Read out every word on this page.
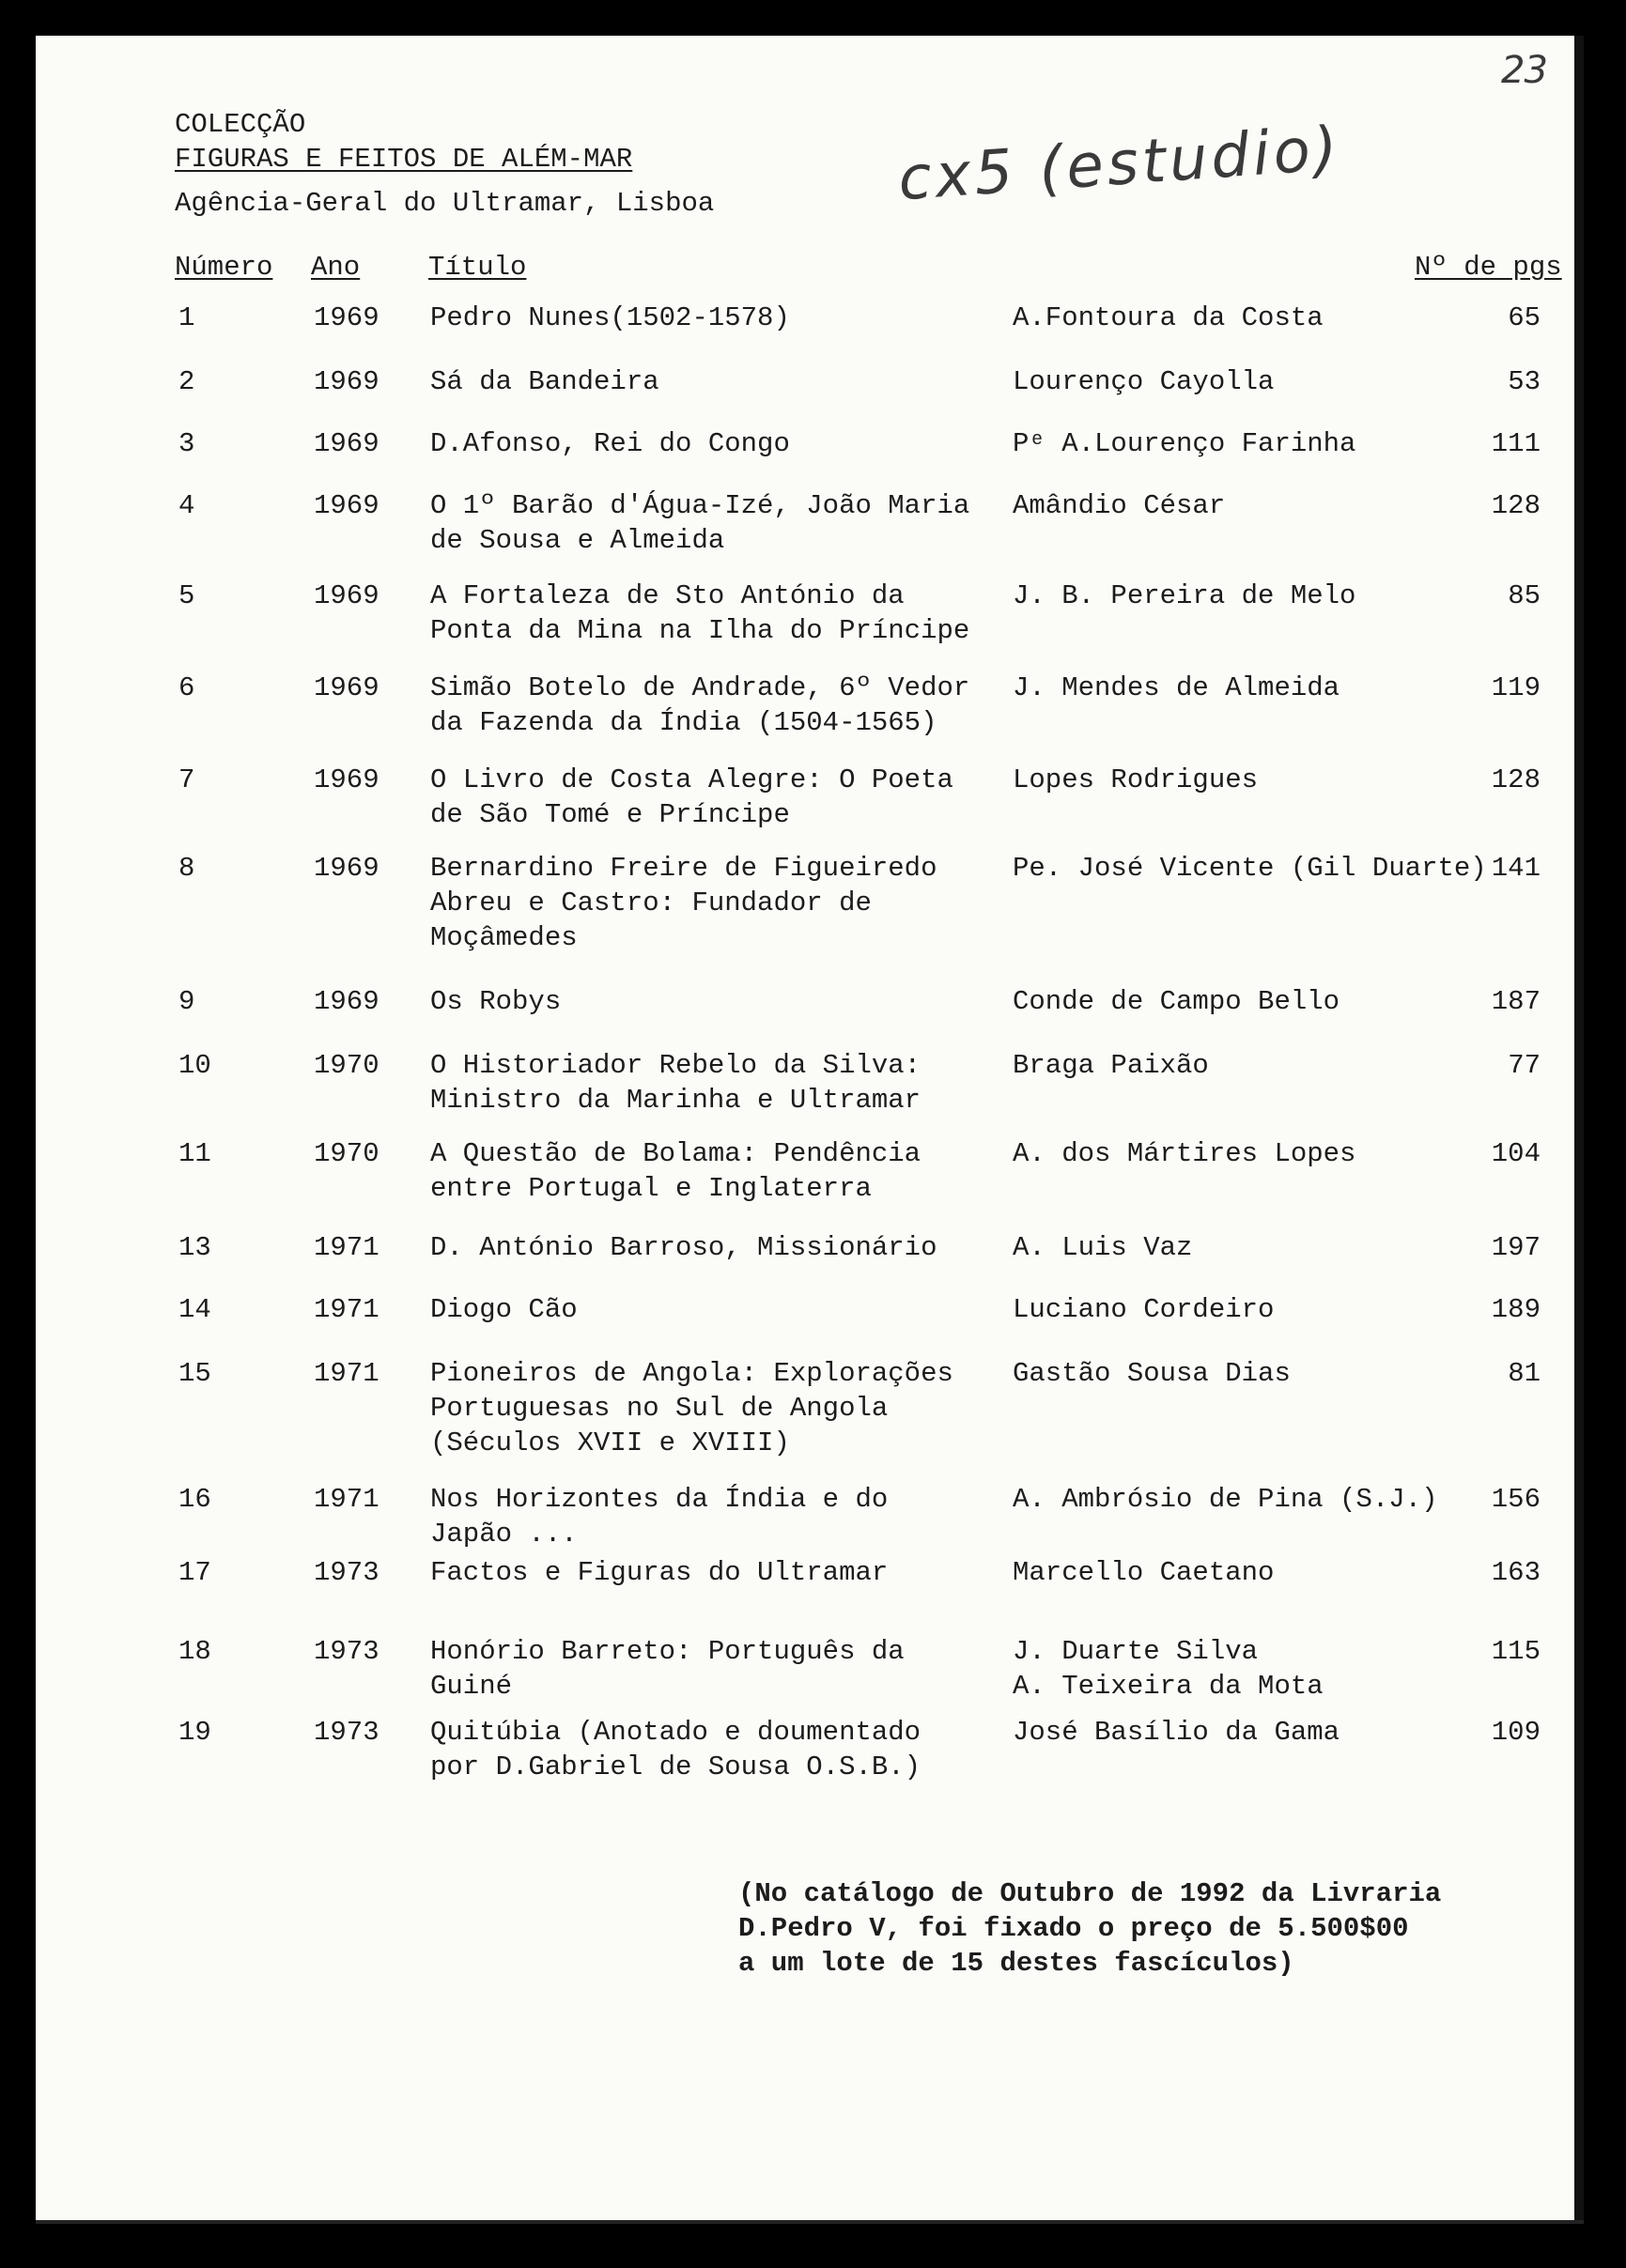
23
cx5 (estudio)
COLECÇÃO
FIGURAS E FEITOS DE ALÉM-MAR
Agência-Geral do Ultramar, Lisboa
Número Ano	Título	Nº de pgs
1	1969 Pedro Nunes(1502-1578)	A.Fontoura da Costa	65
2	1969 Sá da Bandeira	Lourenço Cayolla	53
3	1969 D.Afonso, Rei do Congo	Pᵉ A.Lourenço Farinha	111
4	1969 O 1º Barão d'Água-Izé, João Maria
de Sousa e Almeida
Amândio César	128
5	1969 A Fortaleza de Sto António da
Ponta da Mina na Ilha do Príncipe
J. B. Pereira de Melo	85
6	1969 Simão Botelo de Andrade, 6º Vedor
da Fazenda da Índia (1504-1565)
J. Mendes de Almeida	119
7	1969 O Livro de Costa Alegre: O Poeta
de São Tomé e Príncipe
Lopes Rodrigues	128
8	1969 Bernardino Freire de Figueiredo
Abreu e Castro: Fundador de
Moçâmedes
Pe. José Vicente (Gil Duarte) 141
9	1969 Os Robys	Conde de Campo Bello	187
10	1970 O Historiador Rebelo da Silva:
Ministro da Marinha e Ultramar
Braga Paixão	77
11	1970 A Questão de Bolama: Pendência
entre Portugal e Inglaterra
A. dos Mártires Lopes	104
13	1971 D. António Barroso, Missionário	A. Luis Vaz	197
14	1971 Diogo Cão	Luciano Cordeiro	189
15	1971 Pioneiros de Angola: Explorações
Portuguesas no Sul de Angola
(Séculos XVII e XVIII)
Gastão Sousa Dias	81
16	1971 Nos Horizontes da Índia e do
Japão ...
A. Ambrósio de Pina (S.J.)	156
17	1973 Factos e Figuras do Ultramar	Marcello Caetano	163
18	1973 Honório Barreto: Português da
Guiné
J. Duarte Silva
A. Teixeira da Mota
115
19	1973 Quitúbia (Anotado e doumentado
por D.Gabriel de Sousa O.S.B.)
José Basílio da Gama	109
(No catálogo de Outubro de 1992 da Livraria
D.Pedro V, foi fixado o preço de 5.500$00
a um lote de 15 destes fascículos)
